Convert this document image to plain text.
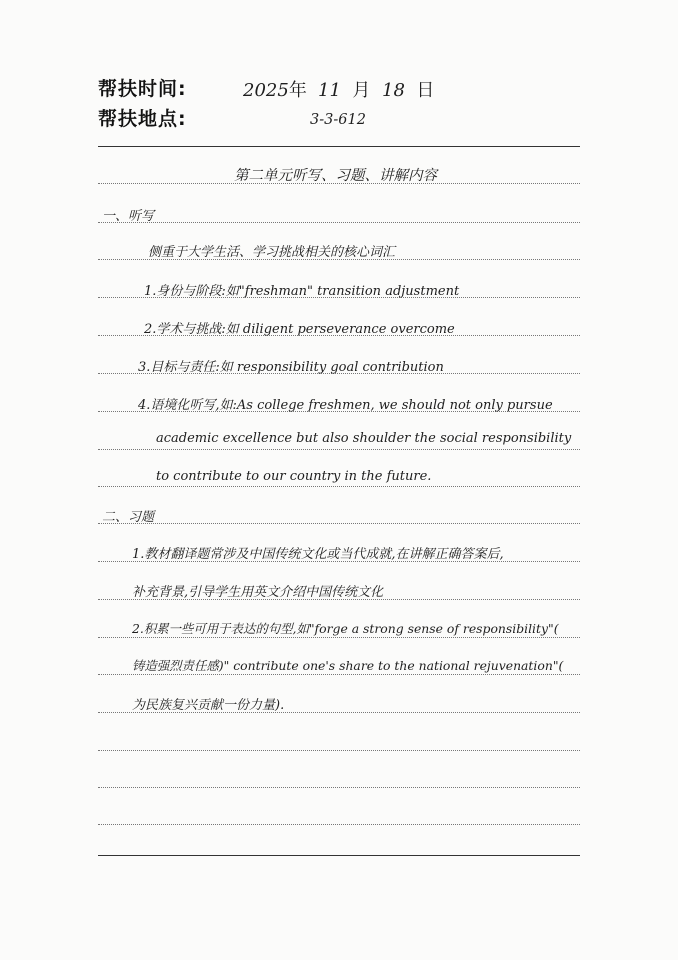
帮扶时间:	2025年 11 月 18 日
帮扶地点:	3-3-612
第二单元听写、习题、讲解内容
一、听写
侧重于大学生活、学习挑战相关的核心词汇
1.身份与阶段:如"freshman" transition adjustment
2.学术与挑战:如 diligent perseverance overcome
3.目标与责任:如 responsibility goal contribution
4.语境化听写,如:As college freshmen, we should not only pursue
academic excellence but also shoulder the social responsibility
to contribute to our country in the future.
二、习题
1.教材翻译题常涉及中国传统文化或当代成就,在讲解正确答案后,
补充背景,引导学生用英文介绍中国传统文化
2.积累一些可用于表达的句型,如"forge a strong sense of responsibility"(
铸造强烈责任感)" contribute one's share to the national rejuvenation"(
为民族复兴贡献一份力量).
